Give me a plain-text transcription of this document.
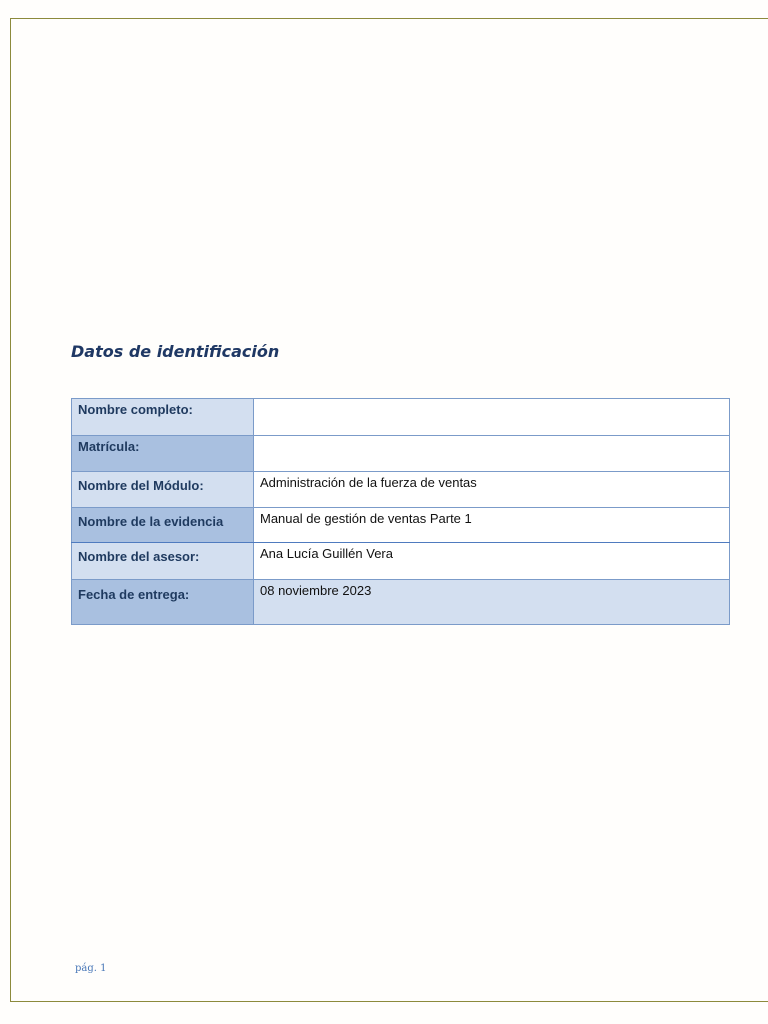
Datos de identificación
Nombre completo:	
Matrícula:	
Nombre del Módulo:	Administración de la fuerza de ventas
Nombre de la evidencia	Manual de gestión de ventas Parte 1
Nombre del asesor:	Ana Lucía Guillén Vera
Fecha de entrega:	08 noviembre 2023
pág. 1
